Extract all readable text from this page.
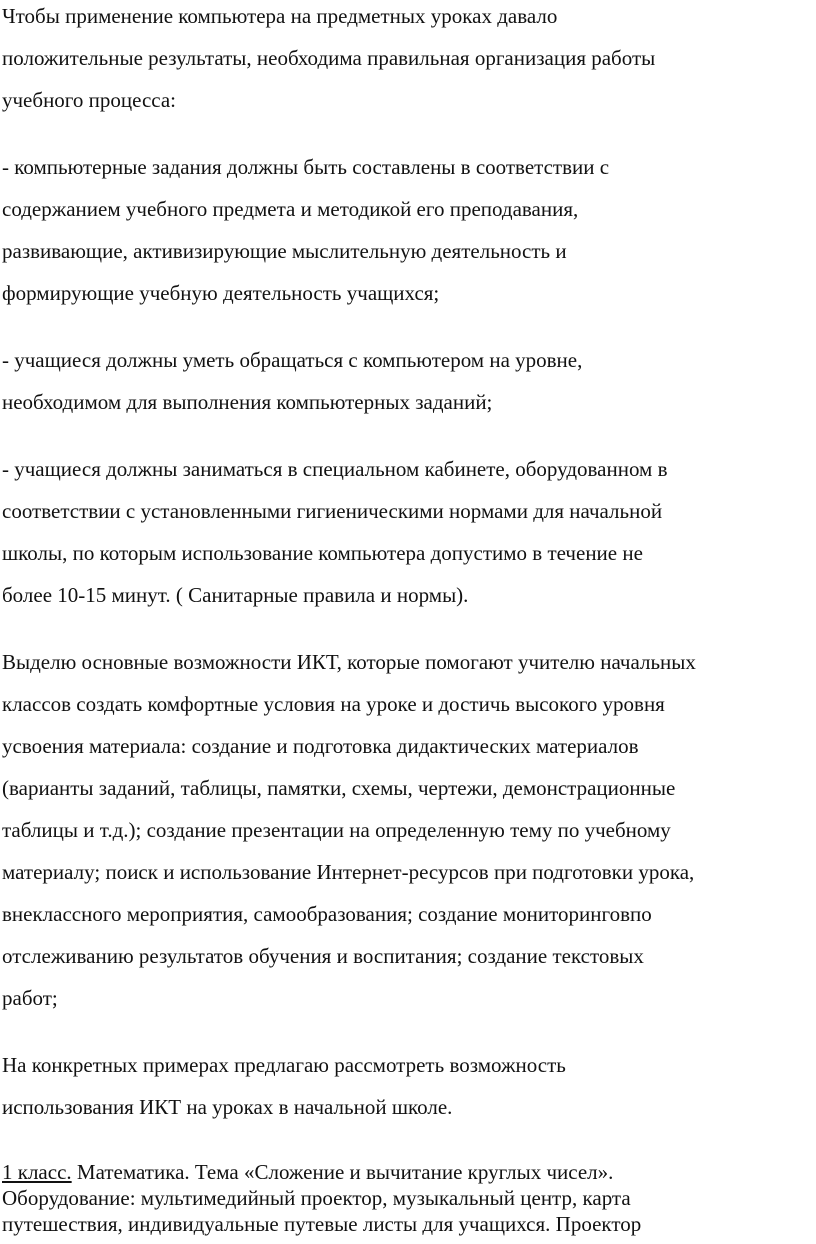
Чтобы применение компьютера на предметных уроках давало
положительные результаты, необходима правильная организация работы
учебного процесса:
- компьютерные задания должны быть составлены в соответствии с
содержанием учебного предмета и методикой его преподавания,
развивающие, активизирующие мыслительную деятельность и
формирующие учебную деятельность учащихся;
- учащиеся должны уметь обращаться с компьютером на уровне,
необходимом для выполнения компьютерных заданий;
- учащиеся должны заниматься в специальном кабинете, оборудованном в
соответствии с установленными гигиеническими нормами для начальной
школы, по которым использование компьютера допустимо в течение не
более 10-15 минут. ( Санитарные правила и нормы).
Выделю основные возможности ИКТ, которые помогают учителю начальных
классов создать комфортные условия на уроке и достичь высокого уровня
усвоения материала: создание и подготовка дидактических материалов
(варианты заданий, таблицы, памятки, схемы, чертежи, демонстрационные
таблицы и т.д.); создание презентации на определенную тему по учебному
материалу; поиск и использование Интернет-ресурсов при подготовки урока,
внеклассного мероприятия, самообразования; создание мониторинговпо
отслеживанию результатов обучения и воспитания; создание текстовых
работ;
На конкретных примерах предлагаю рассмотреть возможность
использования ИКТ на уроках в начальной школе.
1 класс. Математика. Тема «Сложение и вычитание круглых чисел».
Оборудование: мультимедийный проектор, музыкальный центр, карта
путешествия, индивидуальные путевые листы для учащихся. Проектор
